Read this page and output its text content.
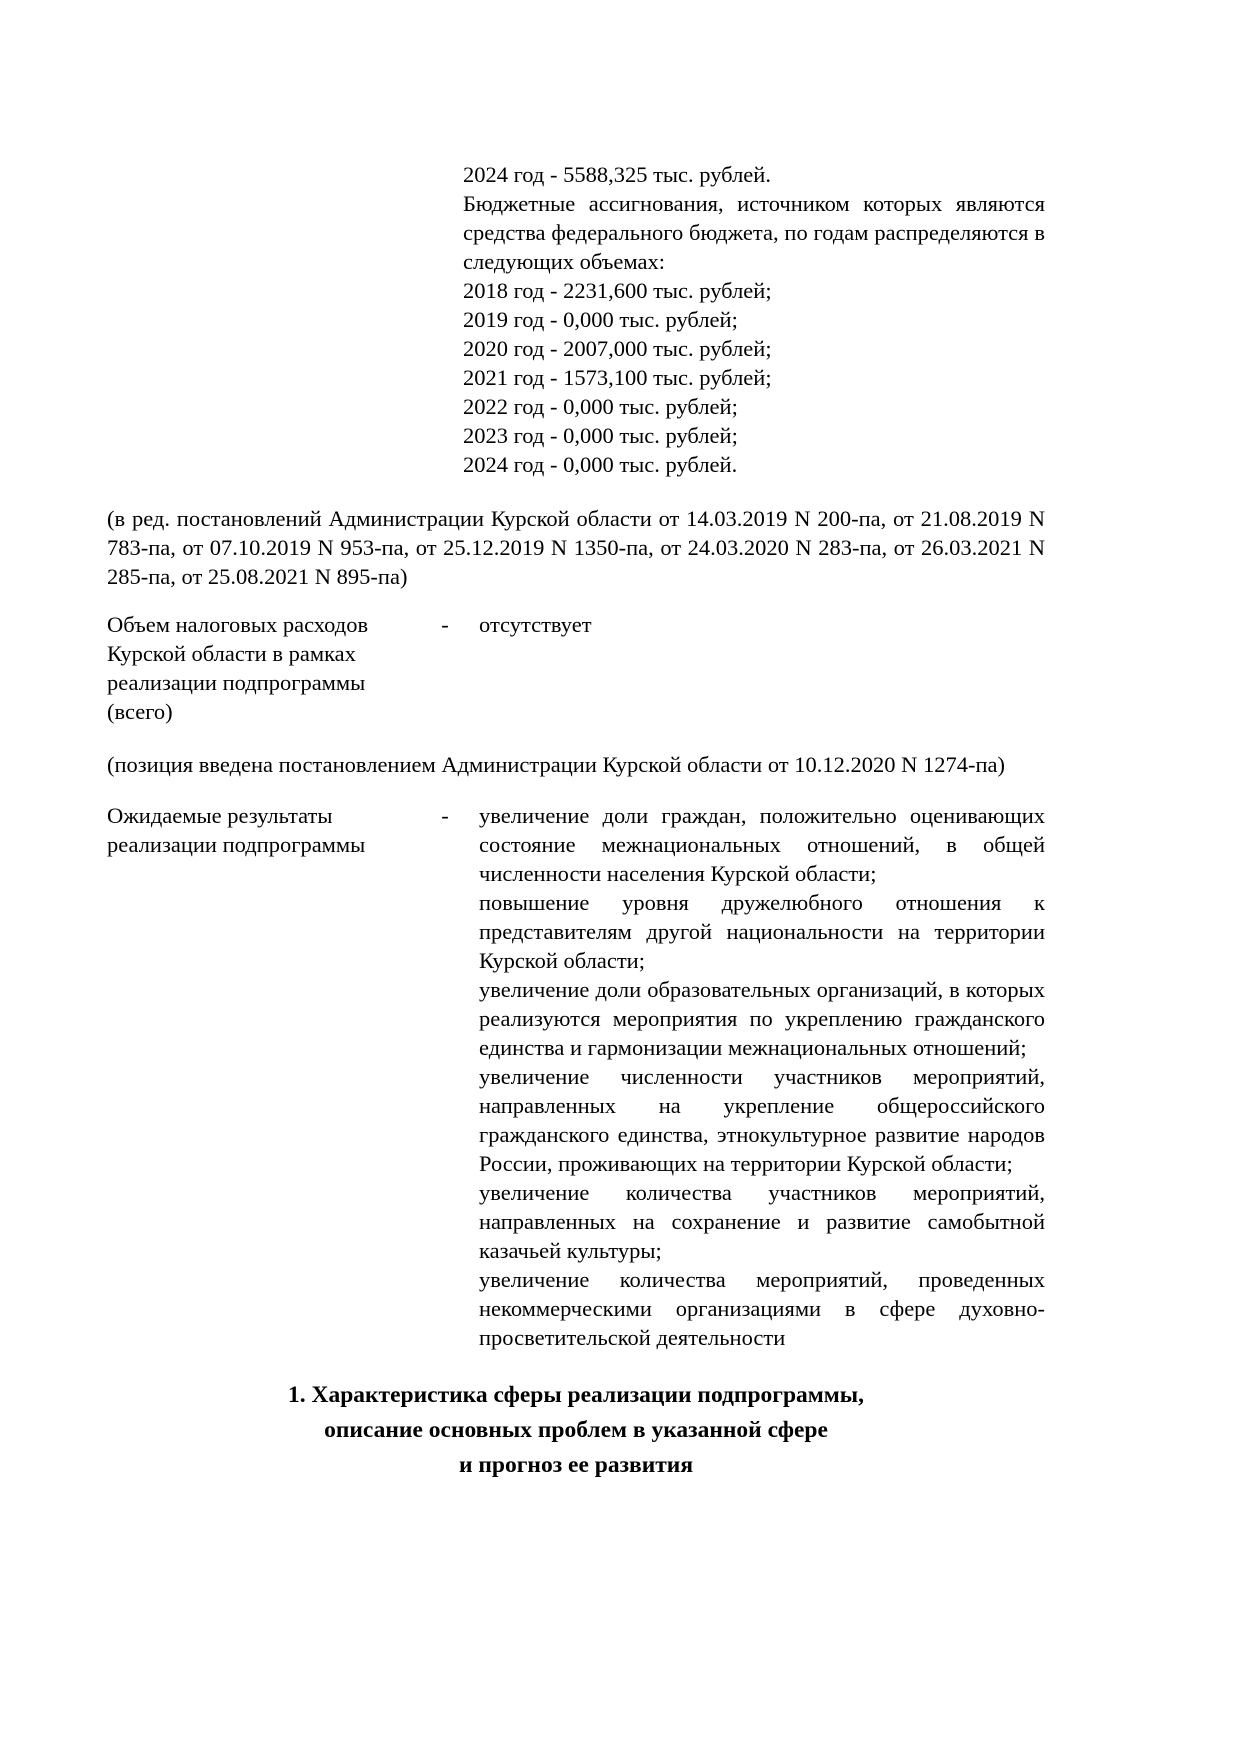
2024 год - 5588,325 тыс. рублей.

Бюджетные ассигнования, источником которых являются средства федерального бюджета, по годам распределяются в следующих объемах:

2018 год - 2231,600 тыс. рублей;

2019 год - 0,000 тыс. рублей;

2020 год - 2007,000 тыс. рублей;

2021 год - 1573,100 тыс. рублей;

2022 год - 0,000 тыс. рублей;

2023 год - 0,000 тыс. рублей;

2024 год - 0,000 тыс. рублей.

(в ред. постановлений Администрации Курской области от 14.03.2019 N 200-па, от 21.08.2019 N 783-па, от 07.10.2019 N 953-па, от 25.12.2019 N 1350-па, от 24.03.2020 N 283-па, от 26.03.2021 N 285-па, от 25.08.2021 N 895-па)

Объем налоговых расходов Курской области в рамках реализации подпрограммы (всего)
-	отсутствует

(позиция введена постановлением Администрации Курской области от 10.12.2020 N 1274-па)

Ожидаемые результаты реализации подпрограммы
-	увеличение доли граждан, положительно оценивающих состояние межнациональных отношений, в общей численности населения Курской области;

повышение уровня дружелюбного отношения к представителям другой национальности на территории Курской области;

увеличение доли образовательных организаций, в которых реализуются мероприятия по укреплению гражданского единства и гармонизации межнациональных отношений;

увеличение численности участников мероприятий, направленных на укрепление общероссийского гражданского единства, этнокультурное развитие народов России, проживающих на территории Курской области;

увеличение количества участников мероприятий, направленных на сохранение и развитие самобытной казачьей культуры;

увеличение количества мероприятий, проведенных некоммерческими организациями в сфере духовно-просветительской деятельности

1. Характеристика сферы реализации подпрограммы,
описание основных проблем в указанной сфере
и прогноз ее развития
